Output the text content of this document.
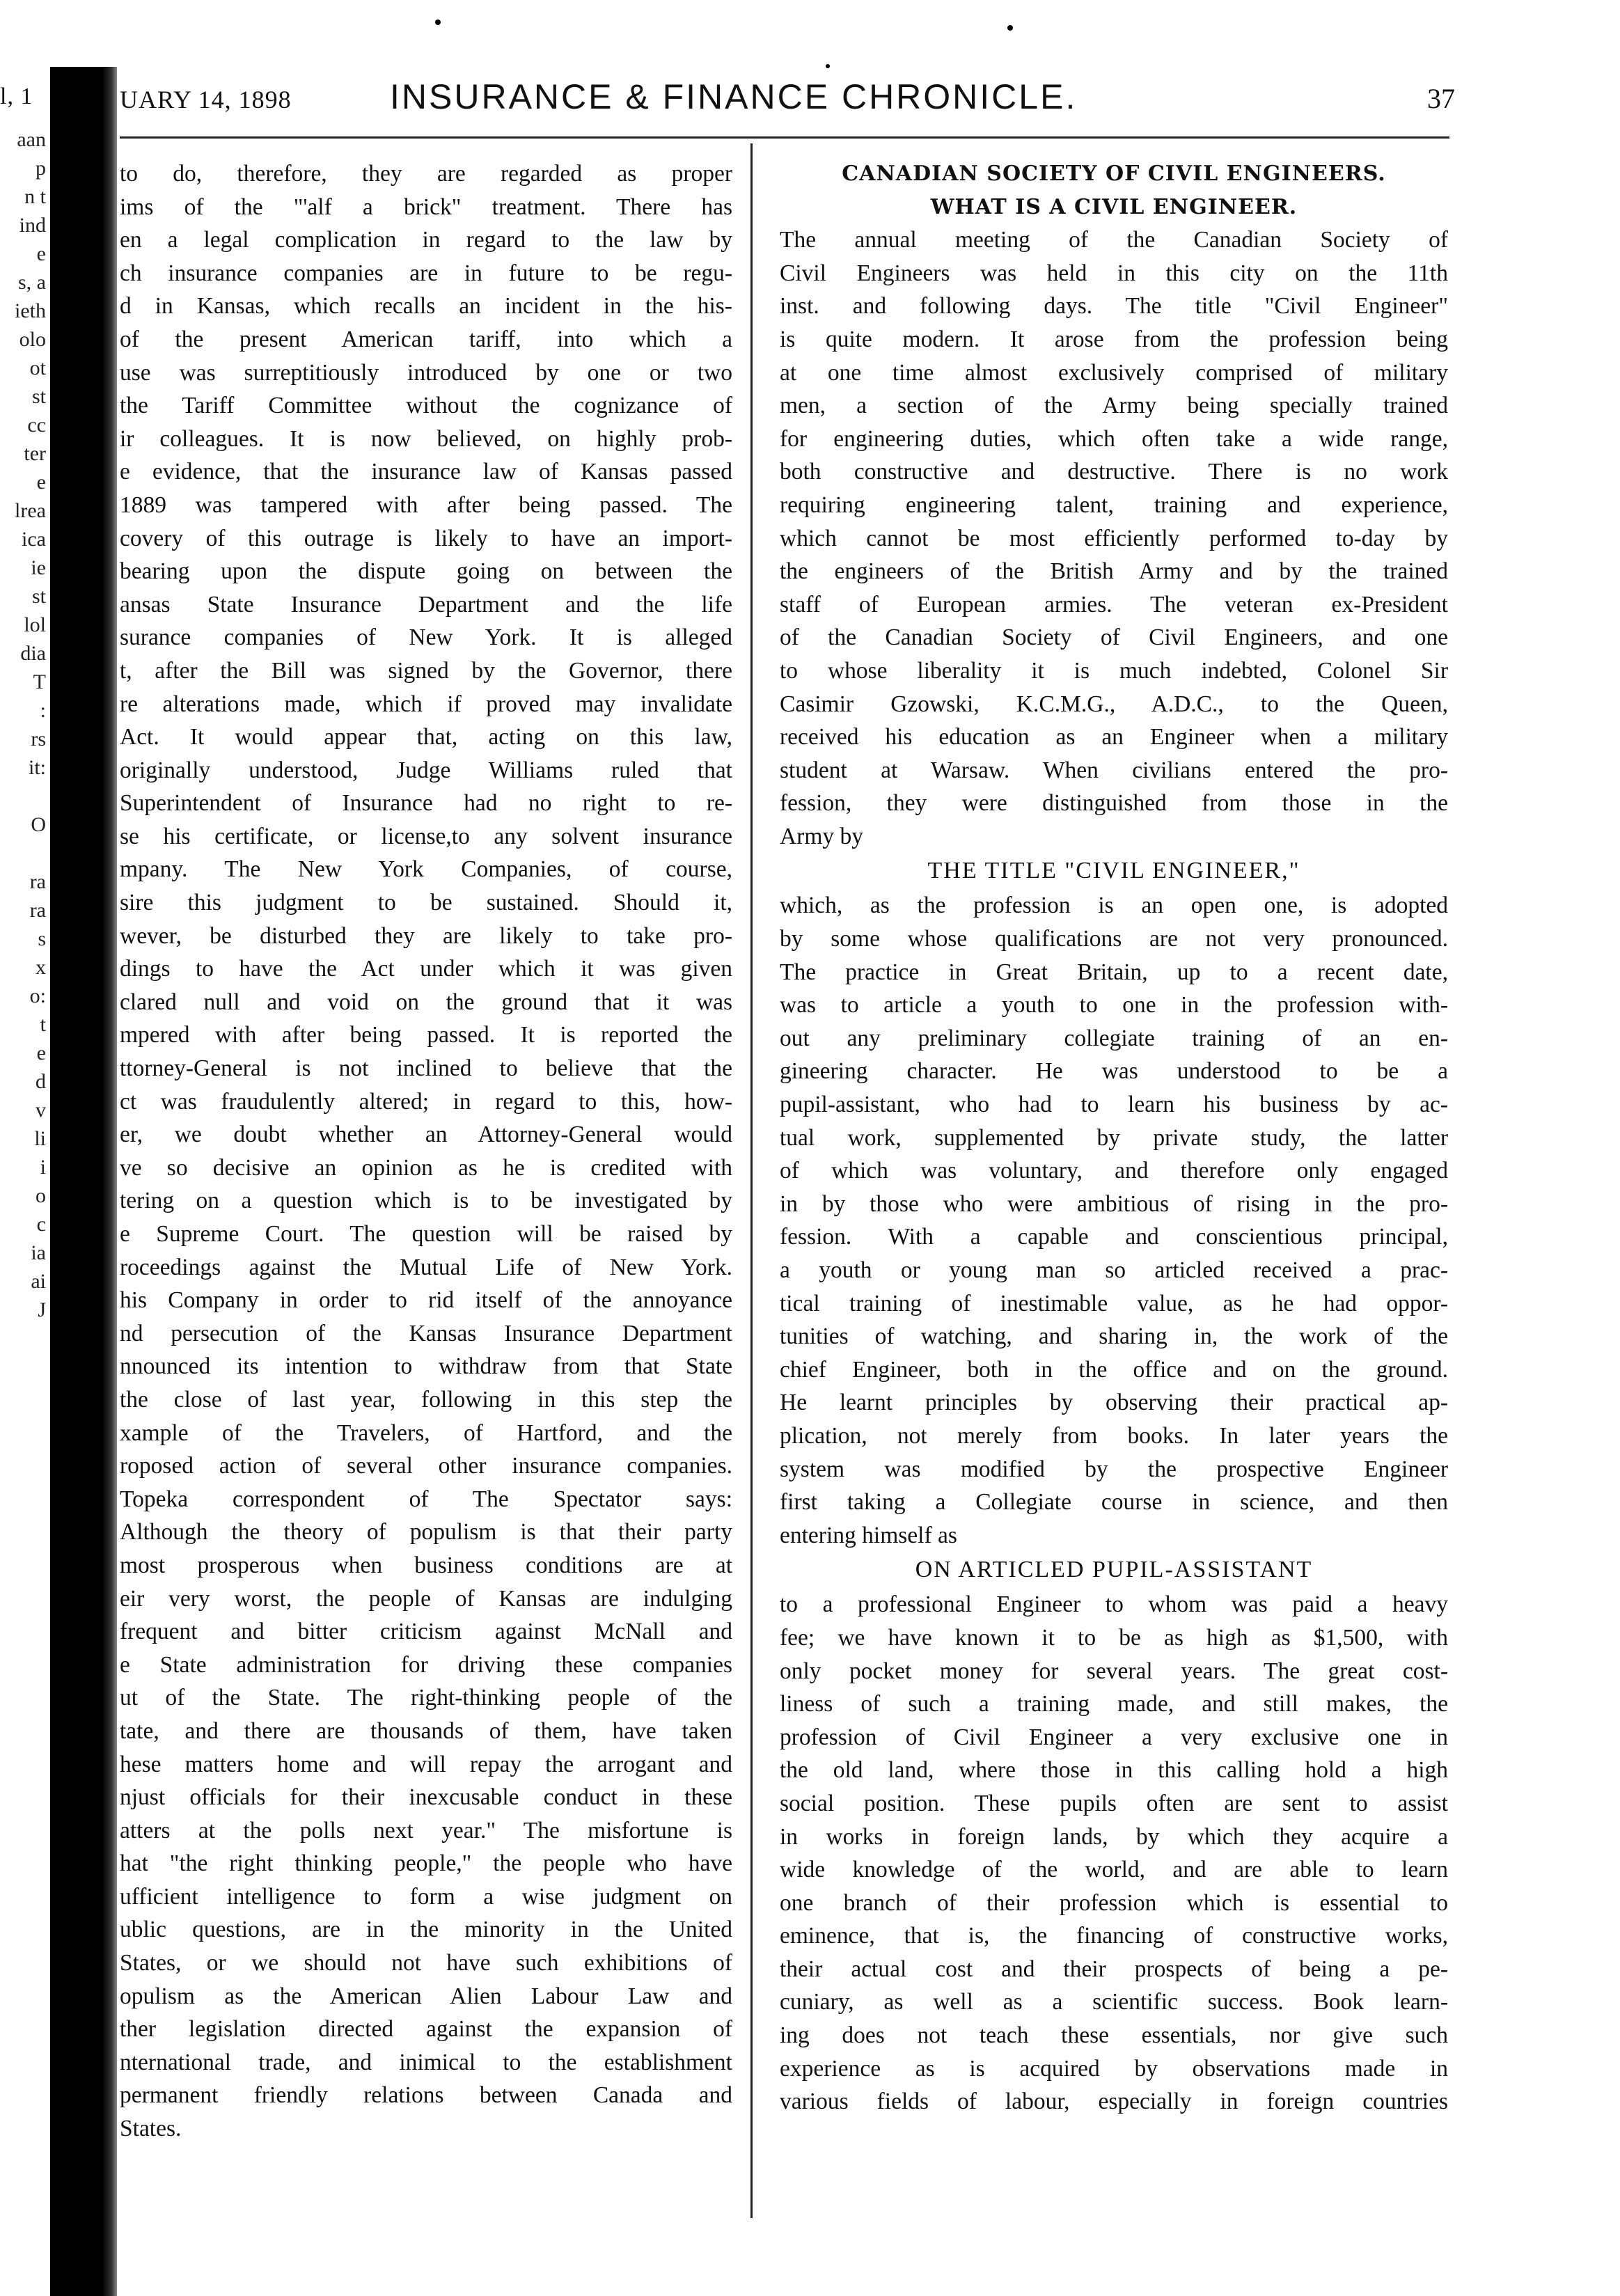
aan
p
n t
ind
e
s, a
ieth
olo
ot
st
cc
ter
e
lrea
ica
ie
st
lol
dia
T
:
rs
it:
O
ra
ra
s
x
o:
t
e
d
v
li
i
o
c
ia
ai
J
l, 1	UARY 14, 1898	INSURANCE & FINANCE CHRONICLE.	37
to do, therefore, they are regarded as proper
ims of the "'alf a brick" treatment. There has
en a legal complication in regard to the law by
ch insurance companies are in future to be regu-
d in Kansas, which recalls an incident in the his-
of the present American tariff, into which a
use was surreptitiously introduced by one or two
the Tariff Committee without the cognizance of
ir colleagues. It is now believed, on highly prob-
e evidence, that the insurance law of Kansas passed
1889 was tampered with after being passed. The
covery of this outrage is likely to have an import-
bearing upon the dispute going on between the
ansas State Insurance Department and the life
surance companies of New York. It is alleged
t, after the Bill was signed by the Governor, there
re alterations made, which if proved may invalidate
Act. It would appear that, acting on this law,
originally understood, Judge Williams ruled that
Superintendent of Insurance had no right to re-
se his certificate, or license,to any solvent insurance
mpany. The New York Companies, of course,
sire this judgment to be sustained. Should it,
wever, be disturbed they are likely to take pro-
dings to have the Act under which it was given
clared null and void on the ground that it was
mpered with after being passed. It is reported the
ttorney-General is not inclined to believe that the
ct was fraudulently altered; in regard to this, how-
er, we doubt whether an Attorney-General would
ve so decisive an opinion as he is credited with
tering on a question which is to be investigated by
e Supreme Court. The question will be raised by
roceedings against the Mutual Life of New York.
his Company in order to rid itself of the annoyance
nd persecution of the Kansas Insurance Department
nnounced its intention to withdraw from that State
the close of last year, following in this step the
xample of the Travelers, of Hartford, and the
roposed action of several other insurance companies.
Topeka correspondent of The Spectator says:
Although the theory of populism is that their party
most prosperous when business conditions are at
eir very worst, the people of Kansas are indulging
frequent and bitter criticism against McNall and
e State administration for driving these companies
ut of the State. The right-thinking people of the
tate, and there are thousands of them, have taken
hese matters home and will repay the arrogant and
njust officials for their inexcusable conduct in these
atters at the polls next year." The misfortune is
hat "the right thinking people," the people who have
ufficient intelligence to form a wise judgment on
ublic questions, are in the minority in the United
States, or we should not have such exhibitions of
opulism as the American Alien Labour Law and
ther legislation directed against the expansion of
nternational trade, and inimical to the establishment
permanent friendly relations between Canada and
States.
CANADIAN SOCIETY OF CIVIL ENGINEERS.
WHAT IS A CIVIL ENGINEER.
The annual meeting of the Canadian Society of
Civil Engineers was held in this city on the 11th
inst. and following days. The title "Civil Engineer"
is quite modern. It arose from the profession being
at one time almost exclusively comprised of military
men, a section of the Army being specially trained
for engineering duties, which often take a wide range,
both constructive and destructive. There is no work
requiring engineering talent, training and experience,
which cannot be most efficiently performed to-day by
the engineers of the British Army and by the trained
staff of European armies. The veteran ex-President
of the Canadian Society of Civil Engineers, and one
to whose liberality it is much indebted, Colonel Sir
Casimir Gzowski, K.C.M.G., A.D.C., to the Queen,
received his education as an Engineer when a military
student at Warsaw. When civilians entered the pro-
fession, they were distinguished from those in the
Army by
THE TITLE "CIVIL ENGINEER,"
which, as the profession is an open one, is adopted
by some whose qualifications are not very pronounced.
The practice in Great Britain, up to a recent date,
was to article a youth to one in the profession with-
out any preliminary collegiate training of an en-
gineering character. He was understood to be a
pupil-assistant, who had to learn his business by ac-
tual work, supplemented by private study, the latter
of which was voluntary, and therefore only engaged
in by those who were ambitious of rising in the pro-
fession. With a capable and conscientious principal,
a youth or young man so articled received a prac-
tical training of inestimable value, as he had oppor-
tunities of watching, and sharing in, the work of the
chief Engineer, both in the office and on the ground.
He learnt principles by observing their practical ap-
plication, not merely from books. In later years the
system was modified by the prospective Engineer
first taking a Collegiate course in science, and then
entering himself as
ON ARTICLED PUPIL-ASSISTANT
to a professional Engineer to whom was paid a heavy
fee; we have known it to be as high as $1,500, with
only pocket money for several years. The great cost-
liness of such a training made, and still makes, the
profession of Civil Engineer a very exclusive one in
the old land, where those in this calling hold a high
social position. These pupils often are sent to assist
in works in foreign lands, by which they acquire a
wide knowledge of the world, and are able to learn
one branch of their profession which is essential to
eminence, that is, the financing of constructive works,
their actual cost and their prospects of being a pe-
cuniary, as well as a scientific success. Book learn-
ing does not teach these essentials, nor give such
experience as is acquired by observations made in
various fields of labour, especially in foreign countries
